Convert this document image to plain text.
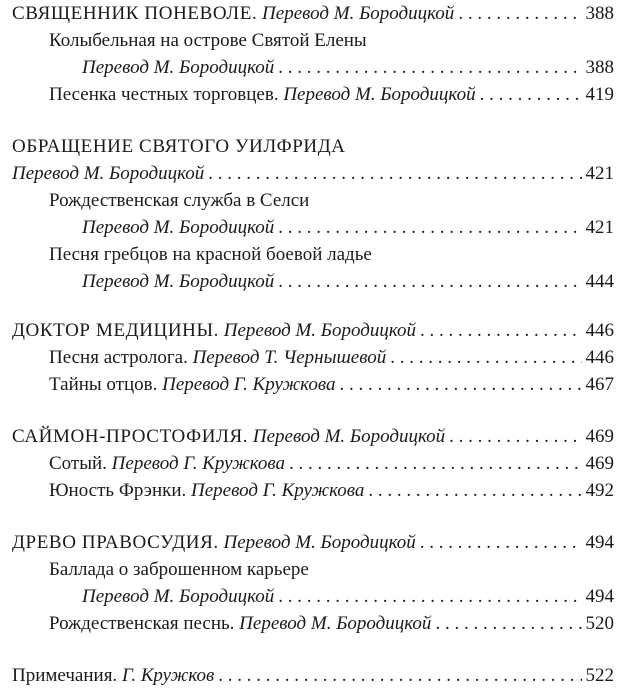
СВЯЩЕННИК ПОНЕВОЛЕ. Перевод М. Бородицкой . . .	388
Колыбельная на острове Святой Елены
Перевод М. Бородицкой . . .	388
Песенка честных торговцев. Перевод М. Бородицкой . . .	419
ОБРАЩЕНИЕ СВЯТОГО УИЛФРИДА
Перевод М. Бородицкой . . .	421
Рождественская служба в Селси
Перевод М. Бородицкой . . .	421
Песня гребцов на красной боевой ладье
Перевод М. Бородицкой . . .	444
ДОКТОР МЕДИЦИНЫ. Перевод М. Бородицкой . . .	446
Песня астролога. Перевод Т. Чернышевой . . .	446
Тайны отцов. Перевод Г. Кружкова . . .	467
САЙМОН-ПРОСТОФИЛЯ. Перевод М. Бородицкой . . .	469
Сотый. Перевод Г. Кружкова . . .	469
Юность Фрэнки. Перевод Г. Кружкова . . .	492
ДРЕВО ПРАВОСУДИЯ. Перевод М. Бородицкой . . .	494
Баллада о заброшенном карьере
Перевод М. Бородицкой . . .	494
Рождественская песнь. Перевод М. Бородицкой . . .	520
Примечания. Г. Кружков . . .	522
